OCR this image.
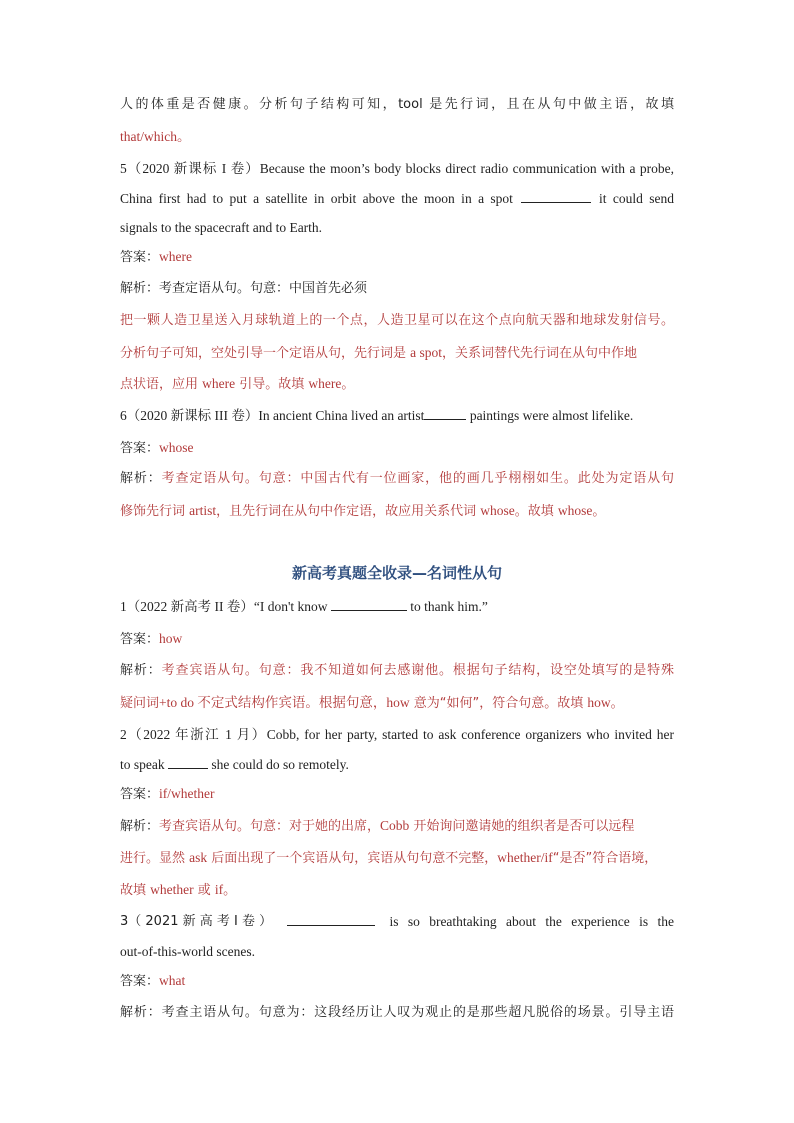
人的体重是否健康。分析句子结构可知，tool 是先行词，且在从句中做主语，故填
that/which。
5（2020 新课标 I 卷）Because the moon’s body blocks direct radio communication with a probe,
China first had to put a satellite in orbit above the moon in a spot	it could send
signals to the spacecraft and to Earth.
答案：where
解析：考查定语从句。句意：中国首先必须
把一颗人造卫星送入月球轨道上的一个点，人造卫星可以在这个点向航天器和地球发射信号。
分析句子可知，空处引导一个定语从句，先行词是 a spot，关系词替代先行词在从句中作地
点状语，应用 where 引导。故填 where。
6（2020 新课标 III 卷）In ancient China lived an artist	paintings were almost lifelike.
答案：whose
解析：考查定语从句。句意：中国古代有一位画家，他的画几乎栩栩如生。此处为定语从句
修饰先行词 artist，且先行词在从句中作定语，故应用关系代词 whose。故填 whose。
新高考真题全收录—名词性从句
1（2022 新高考 II 卷）“I don't know	to thank him.”
答案：how
解析：考查宾语从句。句意：我不知道如何去感谢他。根据句子结构，设空处填写的是特殊
疑问词+to do 不定式结构作宾语。根据句意，how 意为“如何”，符合句意。故填 how。
2（2022 年浙江 1 月）Cobb, for her party, started to ask conference organizers who invited her
to speak	she could do so remotely.
答案：if/whether
解析：考查宾语从句。句意：对于她的出席，Cobb 开始询问邀请她的组织者是否可以远程
进行。显然 ask 后面出现了一个宾语从句，宾语从句句意不完整，whether/if“是否”符合语境，
故填 whether 或 if。
3（ 2021 新 高 考 I 卷 ）	is so breathtaking about the experience is the
out-of-this-world scenes.
答案：what
解析：考查主语从句。句意为：这段经历让人叹为观止的是那些超凡脱俗的场景。引导主语
